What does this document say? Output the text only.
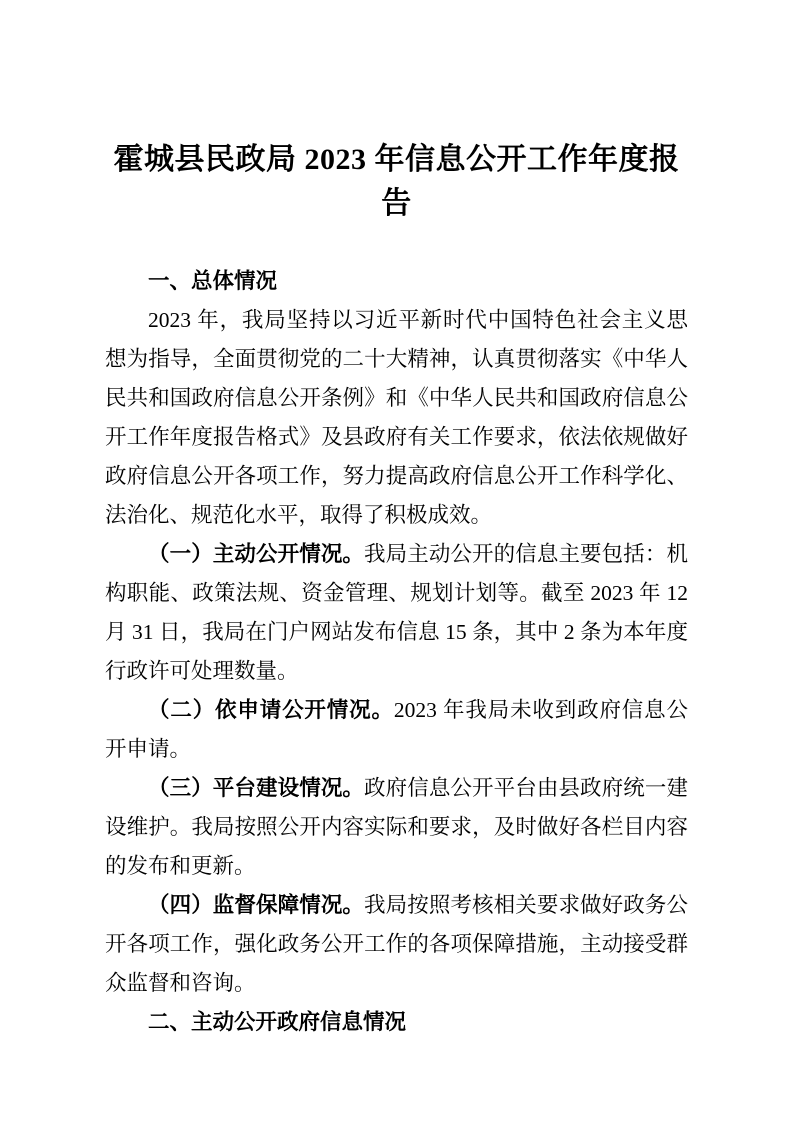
霍城县民政局 2023 年信息公开工作年度报告
一、总体情况

2023 年，我局坚持以习近平新时代中国特色社会主义思想为指导，全面贯彻党的二十大精神，认真贯彻落实《中华人民共和国政府信息公开条例》和《中华人民共和国政府信息公开工作年度报告格式》及县政府有关工作要求，依法依规做好政府信息公开各项工作，努力提高政府信息公开工作科学化、法治化、规范化水平，取得了积极成效。

（一）主动公开情况。我局主动公开的信息主要包括：机构职能、政策法规、资金管理、规划计划等。截至 2023 年 12 月 31 日，我局在门户网站发布信息 15 条，其中 2 条为本年度行政许可处理数量。

（二）依申请公开情况。2023 年我局未收到政府信息公开申请。

（三）平台建设情况。政府信息公开平台由县政府统一建设维护。我局按照公开内容实际和要求，及时做好各栏目内容的发布和更新。

（四）监督保障情况。我局按照考核相关要求做好政务公开各项工作，强化政务公开工作的各项保障措施，主动接受群众监督和咨询。

二、主动公开政府信息情况
